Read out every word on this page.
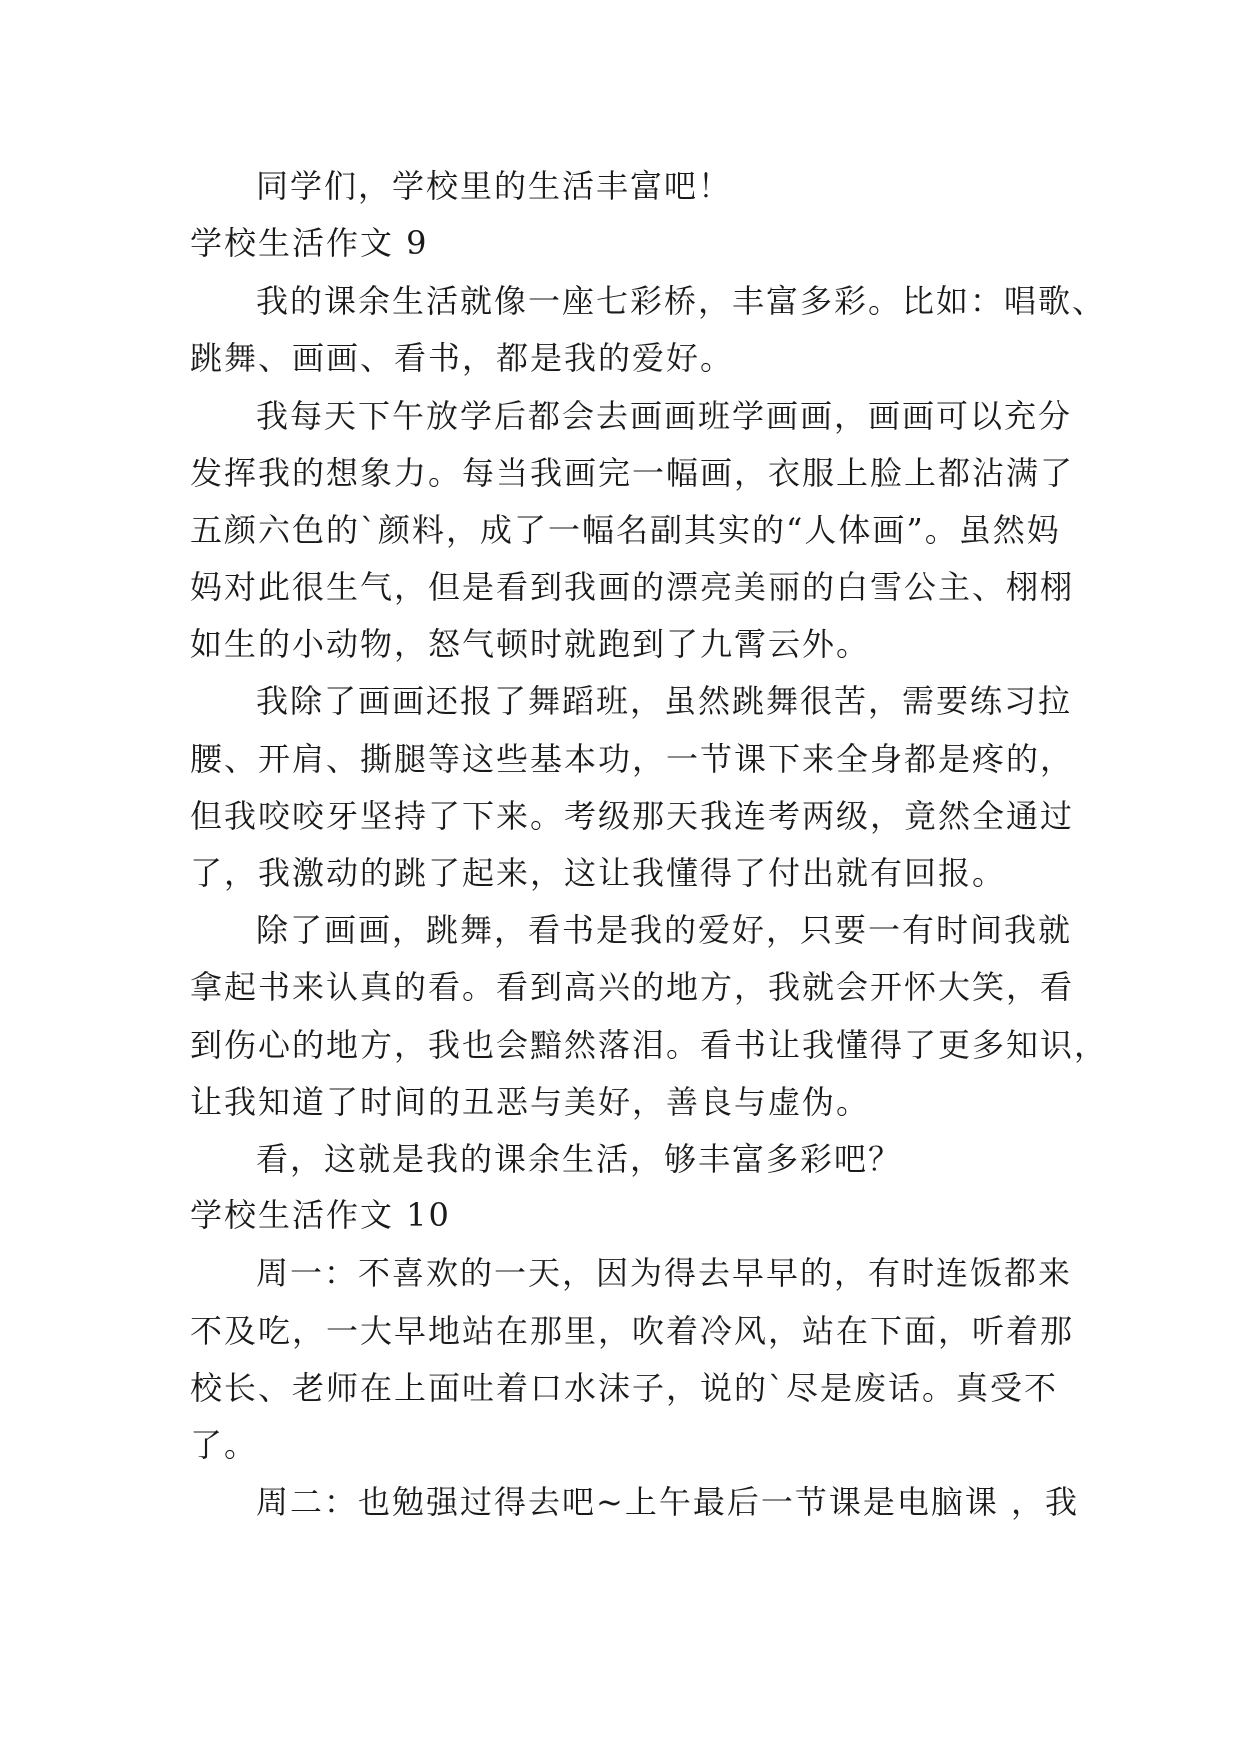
同学们，学校里的生活丰富吧！
学校生活作文 9
我的课余生活就像一座七彩桥，丰富多彩。比如：唱歌、
跳舞、画画、看书，都是我的爱好。
我每天下午放学后都会去画画班学画画，画画可以充分
发挥我的想象力。每当我画完一幅画，衣服上脸上都沾满了
五颜六色的`颜料，成了一幅名副其实的“人体画”。虽然妈
妈对此很生气，但是看到我画的漂亮美丽的白雪公主、栩栩
如生的小动物，怒气顿时就跑到了九霄云外。
我除了画画还报了舞蹈班，虽然跳舞很苦，需要练习拉
腰、开肩、撕腿等这些基本功，一节课下来全身都是疼的，
但我咬咬牙坚持了下来。考级那天我连考两级，竟然全通过
了，我激动的跳了起来，这让我懂得了付出就有回报。
除了画画，跳舞，看书是我的爱好，只要一有时间我就
拿起书来认真的看。看到高兴的地方，我就会开怀大笑，看
到伤心的地方，我也会黯然落泪。看书让我懂得了更多知识，
让我知道了时间的丑恶与美好，善良与虚伪。
看，这就是我的课余生活，够丰富多彩吧？
学校生活作文 10
周一：不喜欢的一天，因为得去早早的，有时连饭都来
不及吃，一大早地站在那里，吹着冷风，站在下面，听着那
校长、老师在上面吐着口水沫子，说的`尽是废话。真受不
了。
周二：也勉强过得去吧~上午最后一节课是电脑课 ，我
